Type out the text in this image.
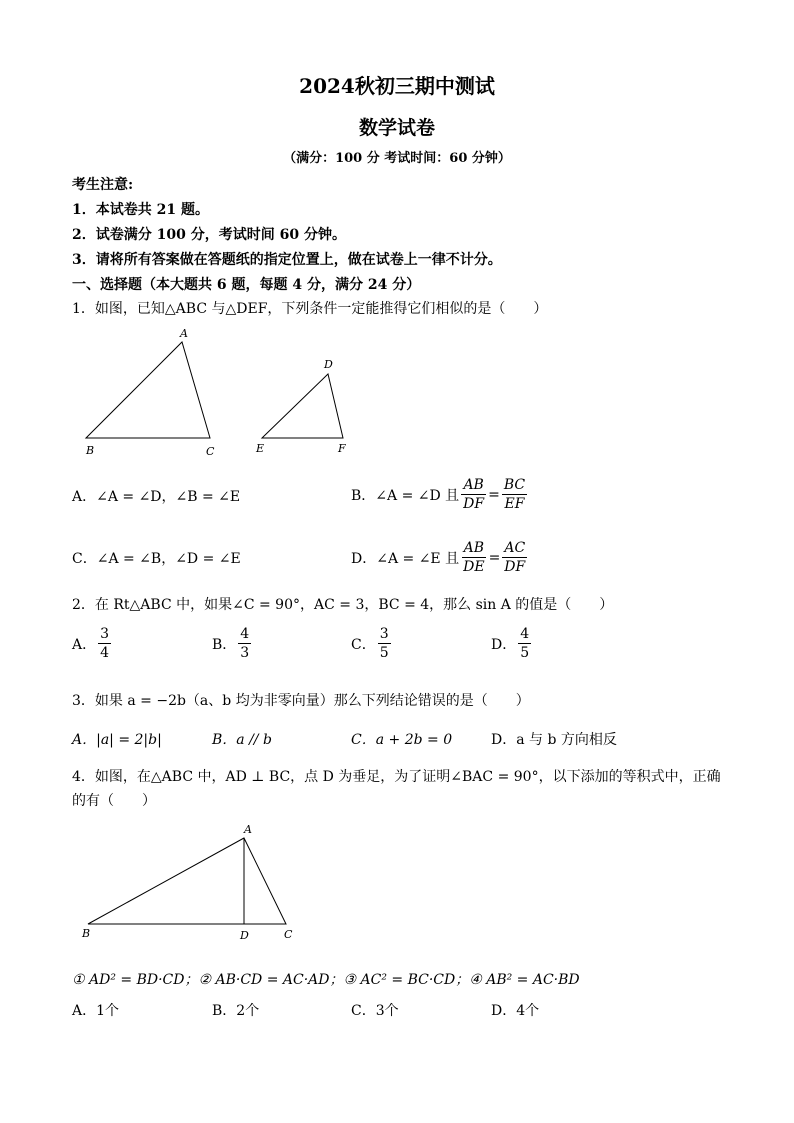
2024秋初三期中测试
数学试卷
（满分：100 分 考试时间：60 分钟）
考生注意:
1．本试卷共 21 题。
2．试卷满分 100 分，考试时间 60 分钟。
3．请将所有答案做在答题纸的指定位置上，做在试卷上一律不计分。
一、选择题（本大题共 6 题，每题 4 分，满分 24 分）
1．如图，已知△ABC 与△DEF，下列条件一定能推得它们相似的是（　　）
A
B	C
D
E	F
A．∠A = ∠D，∠B = ∠E	B．∠A = ∠D 且 $\frac{AB}{DF} = \frac{BC}{EF}$
C．∠A = ∠B，∠D = ∠E	D．∠A = ∠E 且 $\frac{AB}{DE} = \frac{AC}{DF}$
2．在 Rt△ABC 中，如果∠C = 90°，AC = 3，BC = 4，那么 sin A 的值是（　　）
A． $\frac{3}{4}$	B． $\frac{4}{3}$	C． $\frac{3}{5}$	D． $\frac{4}{5}$
3．如果 a = −2b（a、b 均为非零向量）那么下列结论错误的是（　　）
A．|a| = 2|b|	B．a // b	C．a + 2b = 0	D．a 与 b 方向相反
4．如图，在△ABC 中，AD ⊥ BC，点 D 为垂足，为了证明∠BAC = 90°，以下添加的等积式中，正确
的有（　　）
A
B	D	C
① AD² = BD·CD；② AB·CD = AC·AD；③ AC² = BC·CD；④ AB² = AC·BD
A．1个	B．2个	C．3个	D．4个
